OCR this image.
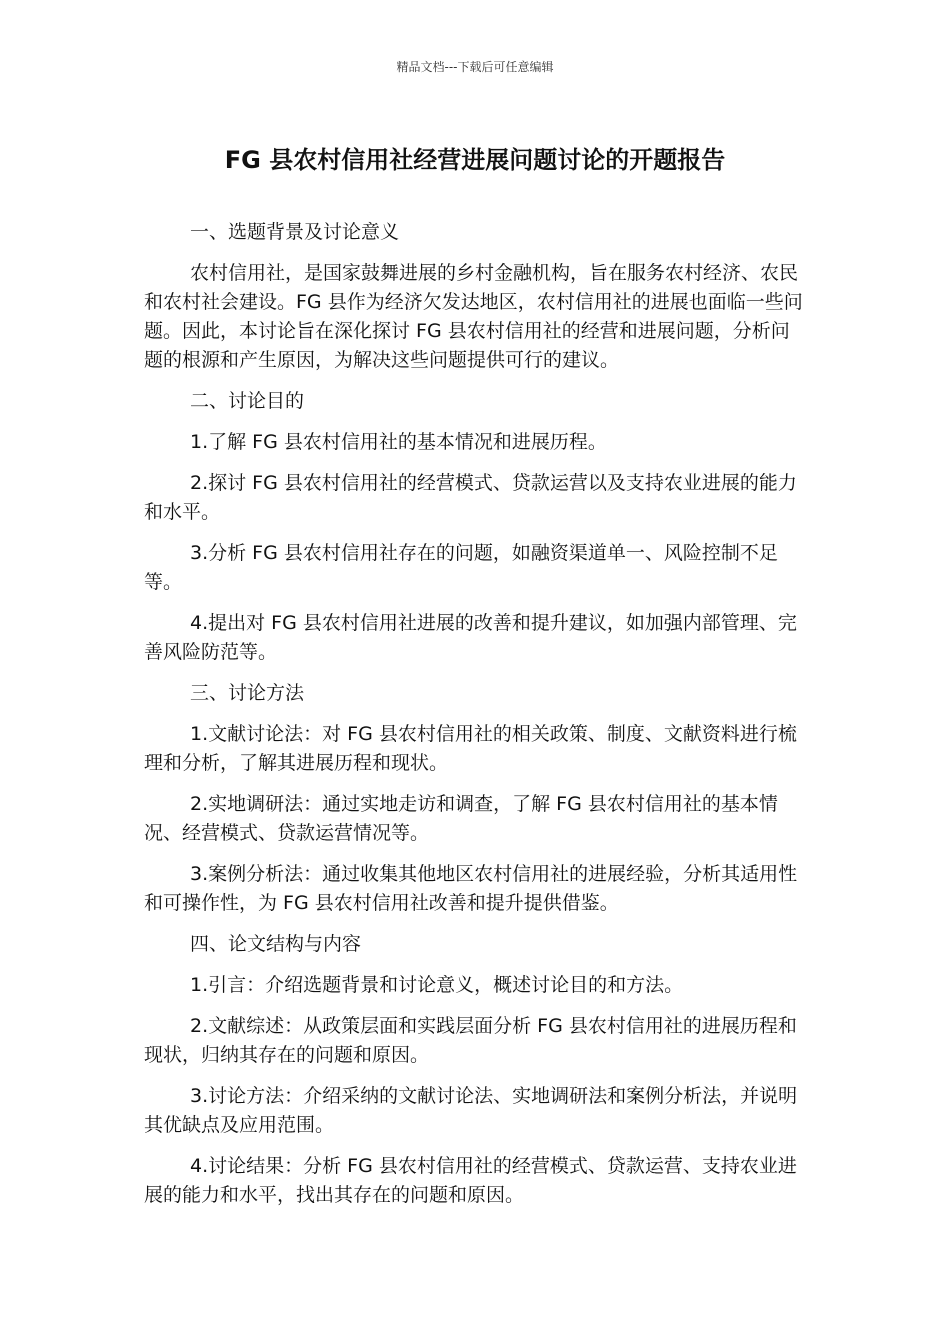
精品文档---下载后可任意编辑
FG 县农村信用社经营进展问题讨论的开题报告

一、选题背景及讨论意义

农村信用社，是国家鼓舞进展的乡村金融机构，旨在服务农村经济、农民和农村社会建设。FG 县作为经济欠发达地区，农村信用社的进展也面临一些问题。因此，本讨论旨在深化探讨 FG 县农村信用社的经营和进展问题，分析问题的根源和产生原因，为解决这些问题提供可行的建议。

二、讨论目的

1.了解 FG 县农村信用社的基本情况和进展历程。

2.探讨 FG 县农村信用社的经营模式、贷款运营以及支持农业进展的能力和水平。

3.分析 FG 县农村信用社存在的问题，如融资渠道单一、风险控制不足等。

4.提出对 FG 县农村信用社进展的改善和提升建议，如加强内部管理、完善风险防范等。

三、讨论方法

1.文献讨论法：对 FG 县农村信用社的相关政策、制度、文献资料进行梳理和分析，了解其进展历程和现状。

2.实地调研法：通过实地走访和调查，了解 FG 县农村信用社的基本情况、经营模式、贷款运营情况等。

3.案例分析法：通过收集其他地区农村信用社的进展经验，分析其适用性和可操作性，为 FG 县农村信用社改善和提升提供借鉴。

四、论文结构与内容

1.引言：介绍选题背景和讨论意义，概述讨论目的和方法。

2.文献综述：从政策层面和实践层面分析 FG 县农村信用社的进展历程和现状，归纳其存在的问题和原因。

3.讨论方法：介绍采纳的文献讨论法、实地调研法和案例分析法，并说明其优缺点及应用范围。

4.讨论结果：分析 FG 县农村信用社的经营模式、贷款运营、支持农业进展的能力和水平，找出其存在的问题和原因。
